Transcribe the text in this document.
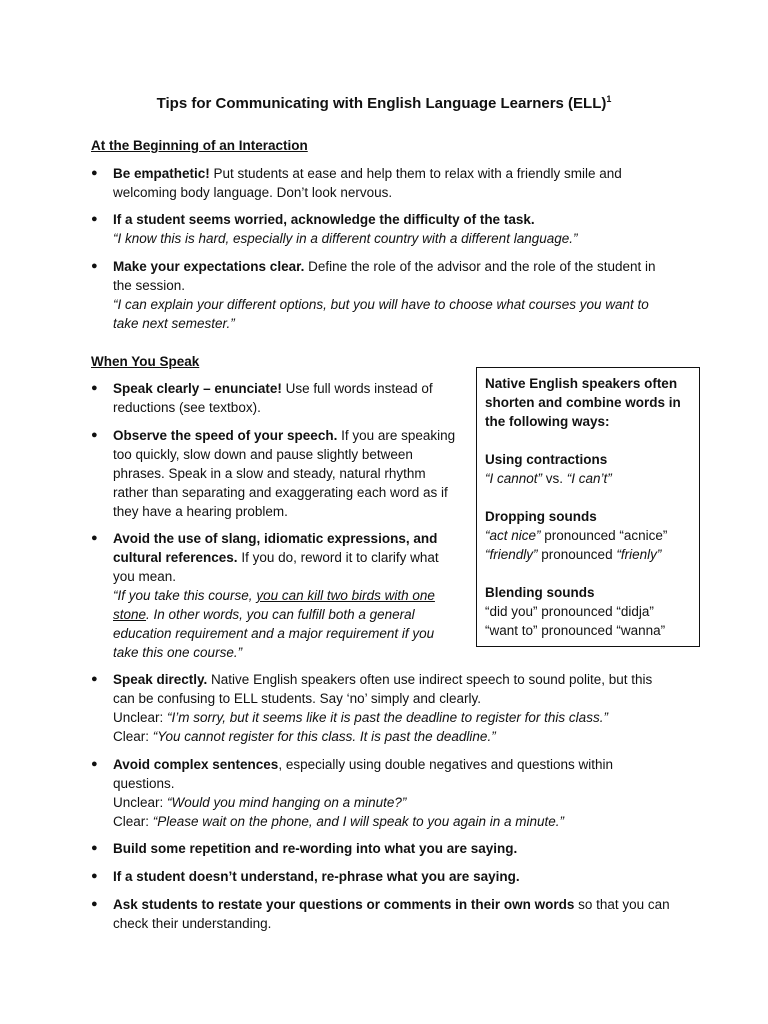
Tips for Communicating with English Language Learners (ELL)$^1$
At the Beginning of an Interaction
● Be empathetic! Put students at ease and help them to relax with a friendly smile and
welcoming body language. Don’t look nervous.
● If a student seems worried, acknowledge the difficulty of the task.
“I know this is hard, especially in a different country with a different language.”
● Make your expectations clear. Define the role of the advisor and the role of the student in
the session.
“I can explain your different options, but you will have to choose what courses you want to
take next semester.”
When You Speak
● Speak clearly – enunciate! Use full words instead of
reductions (see textbox).
● Observe the speed of your speech. If you are speaking
too quickly, slow down and pause slightly between
phrases. Speak in a slow and steady, natural rhythm
rather than separating and exaggerating each word as if
they have a hearing problem.
● Avoid the use of slang, idiomatic expressions, and
cultural references. If you do, reword it to clarify what
you mean.
“If you take this course, you can kill two birds with one
stone. In other words, you can fulfill both a general
education requirement and a major requirement if you
take this one course.”
● Speak directly. Native English speakers often use indirect speech to sound polite, but this
can be confusing to ELL students. Say ‘no’ simply and clearly.
Unclear: “I’m sorry, but it seems like it is past the deadline to register for this class.”
Clear: “You cannot register for this class. It is past the deadline.”
● Avoid complex sentences, especially using double negatives and questions within
questions.
Unclear: “Would you mind hanging on a minute?”
Clear: “Please wait on the phone, and I will speak to you again in a minute.”
● Build some repetition and re-wording into what you are saying.
● If a student doesn’t understand, re-phrase what you are saying.
● Ask students to restate your questions or comments in their own words so that you can
check their understanding.

Native English speakers often

shorten and combine words in

the following ways:

Using contractions

“I cannot” vs. “I can’t”

Dropping sounds

“act nice” pronounced “acnice”

“friendly” pronounced “frienly”

Blending sounds

“did you” pronounced “didja”

“want to” pronounced “wanna”
